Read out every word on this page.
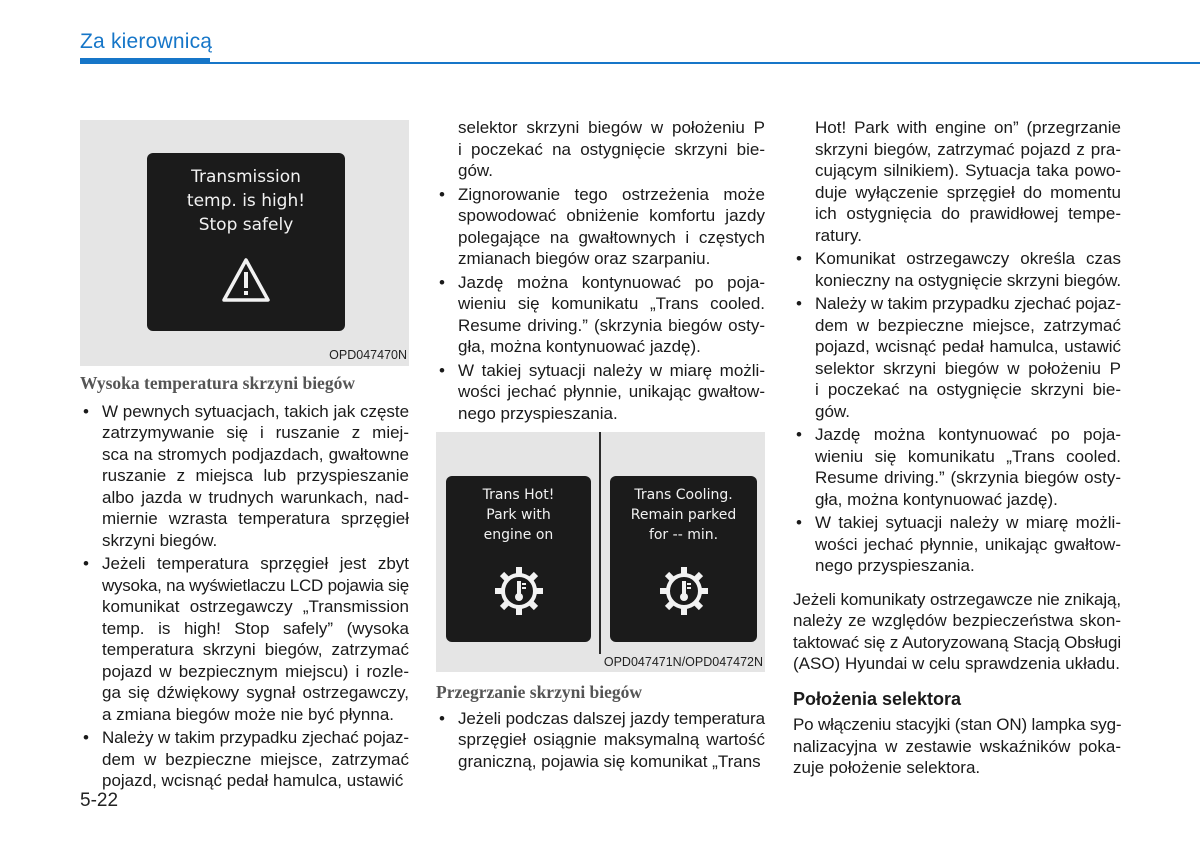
Za kierownicą
Transmission
temp. is high!
Stop safely
OPD047470N

Wysoka temperatura skrzyni biegów

• W pewnych sytuacjach, takich jak częste
zatrzymywanie się i ruszanie z miej-
sca na stromych podjazdach, gwałtowne
ruszanie z miejsca lub przyspieszanie
albo jazda w trudnych warunkach, nad-
miernie wzrasta temperatura sprzęgieł
skrzyni biegów.
• Jeżeli temperatura sprzęgieł jest zbyt
wysoka, na wyświetlaczu LCD pojawia się
komunikat ostrzegawczy „Transmission
temp. is high! Stop safely” (wysoka
temperatura skrzyni biegów, zatrzymać
pojazd w bezpiecznym miejscu) i rozle-
ga się dźwiękowy sygnał ostrzegawczy,
a zmiana biegów może nie być płynna.
• Należy w takim przypadku zjechać pojaz-
dem w bezpieczne miejsce, zatrzymać
pojazd, wcisnąć pedał hamulca, ustawić
selektor skrzyni biegów w położeniu P
i poczekać na ostygnięcie skrzyni bie-
gów.
• Zignorowanie tego ostrzeżenia może
spowodować obniżenie komfortu jazdy
polegające na gwałtownych i częstych
zmianach biegów oraz szarpaniu.
• Jazdę można kontynuować po poja-
wieniu się komunikatu „Trans cooled.
Resume driving.” (skrzynia biegów osty-
gła, można kontynuować jazdę).
• W takiej sytuacji należy w miarę możli-
wości jechać płynnie, unikając gwałtow-
nego przyspieszania.
Trans Hot!
Park with
engine on
Trans Cooling.
Remain parked
for -- min.
OPD047471N/OPD047472N

Przegrzanie skrzyni biegów

• Jeżeli podczas dalszej jazdy temperatura
sprzęgieł osiągnie maksymalną wartość
graniczną, pojawia się komunikat „Trans
Hot! Park with engine on” (przegrzanie
skrzyni biegów, zatrzymać pojazd z pra-
cującym silnikiem). Sytuacja taka powo-
duje wyłączenie sprzęgieł do momentu
ich ostygnięcia do prawidłowej tempe-
ratury.
• Komunikat ostrzegawczy określa czas
konieczny na ostygnięcie skrzyni biegów.
• Należy w takim przypadku zjechać pojaz-
dem w bezpieczne miejsce, zatrzymać
pojazd, wcisnąć pedał hamulca, ustawić
selektor skrzyni biegów w położeniu P
i poczekać na ostygnięcie skrzyni bie-
gów.
• Jazdę można kontynuować po poja-
wieniu się komunikatu „Trans cooled.
Resume driving.” (skrzynia biegów osty-
gła, można kontynuować jazdę).
• W takiej sytuacji należy w miarę możli-
wości jechać płynnie, unikając gwałtow-
nego przyspieszania.
Jeżeli komunikaty ostrzegawcze nie znikają,
należy ze względów bezpieczeństwa skon-
taktować się z Autoryzowaną Stacją Obsługi
(ASO) Hyundai w celu sprawdzenia układu.

Położenia selektora

Po włączeniu stacyjki (stan ON) lampka syg-
nalizacyjna w zestawie wskaźników poka-
zuje położenie selektora.
5-22
